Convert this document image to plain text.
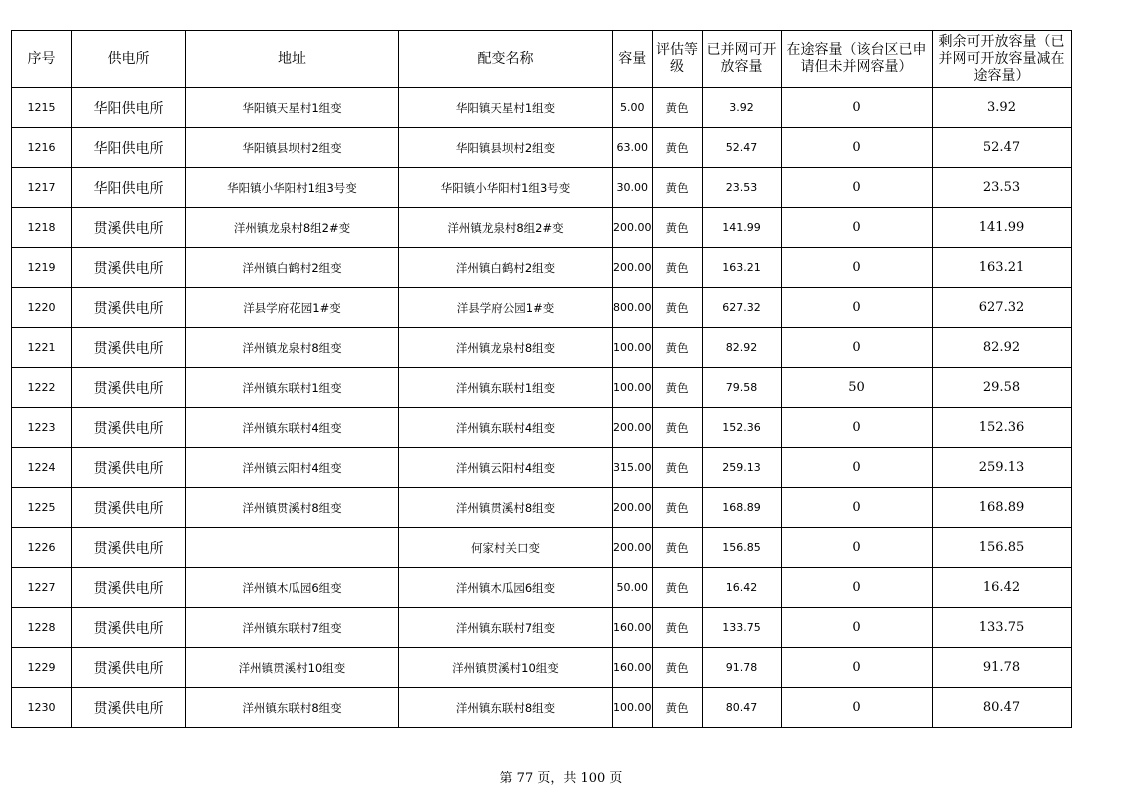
序号	供电所	地址	配变名称	容量	评估等级	已并网可开放容量	在途容量（该台区已申请但未并网容量）	剩余可开放容量（已并网可开放容量减在途容量）
1215	华阳供电所	华阳镇天星村1组变	华阳镇天星村1组变	5.00	黄色	3.92	0	3.92
1216	华阳供电所	华阳镇县坝村2组变	华阳镇县坝村2组变	63.00	黄色	52.47	0	52.47
1217	华阳供电所	华阳镇小华阳村1组3号变	华阳镇小华阳村1组3号变	30.00	黄色	23.53	0	23.53
1218	贯溪供电所	洋州镇龙泉村8组2#变	洋州镇龙泉村8组2#变	200.00	黄色	141.99	0	141.99
1219	贯溪供电所	洋州镇白鹤村2组变	洋州镇白鹤村2组变	200.00	黄色	163.21	0	163.21
1220	贯溪供电所	洋县学府花园1#变	洋县学府公园1#变	800.00	黄色	627.32	0	627.32
1221	贯溪供电所	洋州镇龙泉村8组变	洋州镇龙泉村8组变	100.00	黄色	82.92	0	82.92
1222	贯溪供电所	洋州镇东联村1组变	洋州镇东联村1组变	100.00	黄色	79.58	50	29.58
1223	贯溪供电所	洋州镇东联村4组变	洋州镇东联村4组变	200.00	黄色	152.36	0	152.36
1224	贯溪供电所	洋州镇云阳村4组变	洋州镇云阳村4组变	315.00	黄色	259.13	0	259.13
1225	贯溪供电所	洋州镇贯溪村8组变	洋州镇贯溪村8组变	200.00	黄色	168.89	0	168.89
1226	贯溪供电所		何家村关口变	200.00	黄色	156.85	0	156.85
1227	贯溪供电所	洋州镇木瓜园6组变	洋州镇木瓜园6组变	50.00	黄色	16.42	0	16.42
1228	贯溪供电所	洋州镇东联村7组变	洋州镇东联村7组变	160.00	黄色	133.75	0	133.75
1229	贯溪供电所	洋州镇贯溪村10组变	洋州镇贯溪村10组变	160.00	黄色	91.78	0	91.78
1230	贯溪供电所	洋州镇东联村8组变	洋州镇东联村8组变	100.00	黄色	80.47	0	80.47
第 77 页，共 100 页
